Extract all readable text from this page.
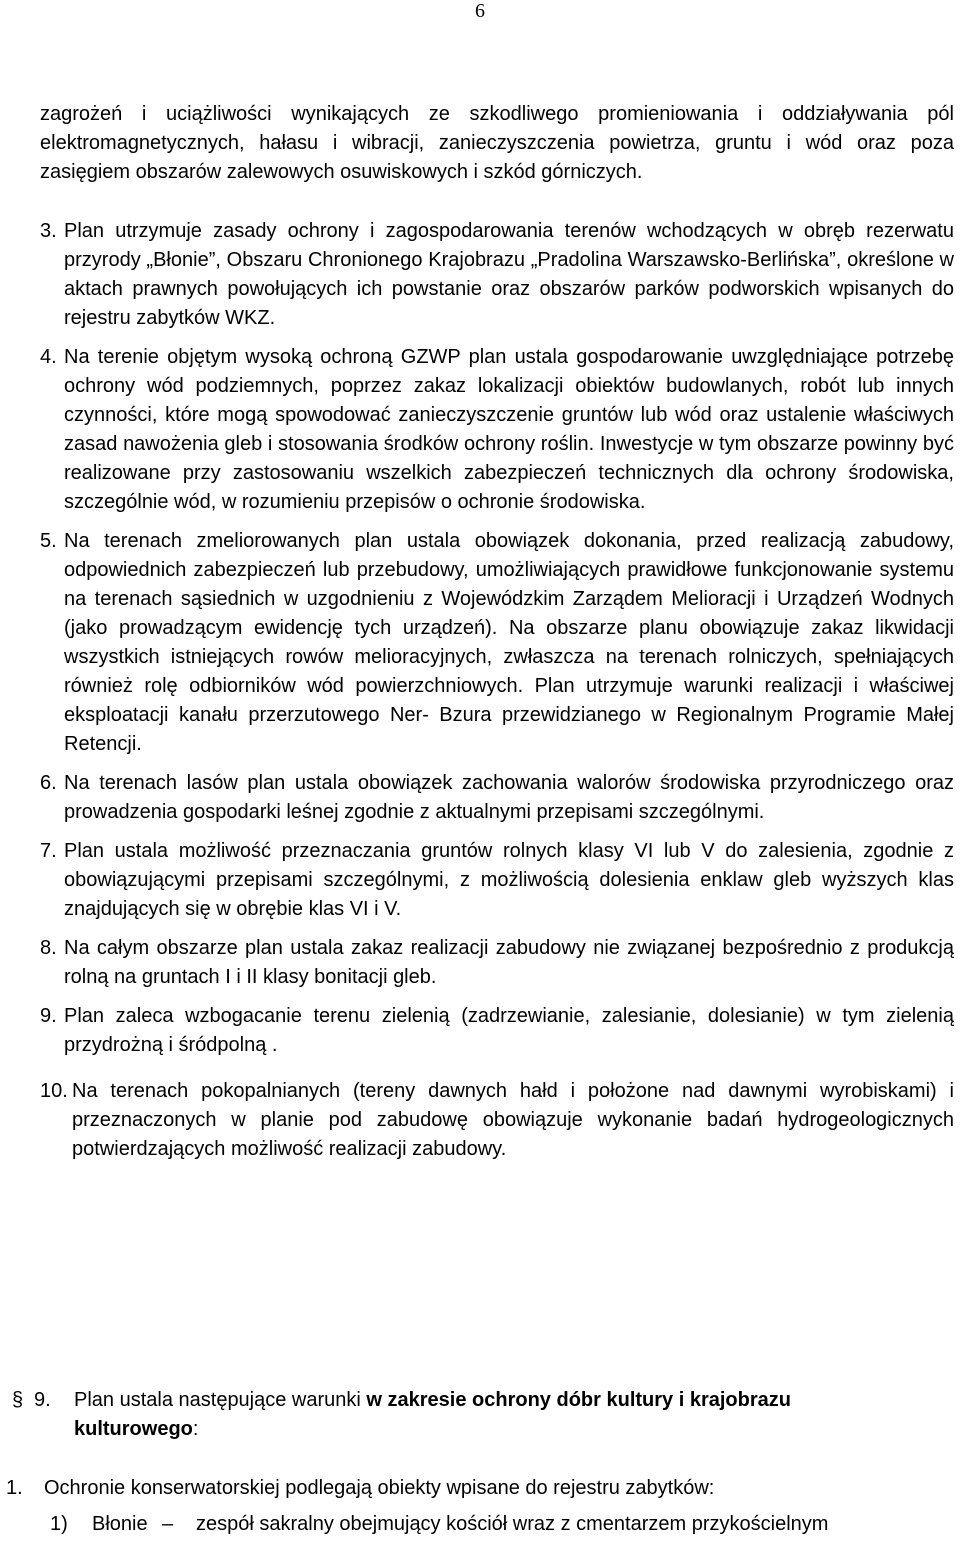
6
zagrożeń i uciążliwości wynikających ze szkodliwego promieniowania i oddziaływania pól elektromagnetycznych, hałasu i wibracji, zanieczyszczenia powietrza, gruntu i wód oraz poza zasięgiem obszarów zalewowych osuwiskowych i szkód górniczych.
3. Plan utrzymuje zasady ochrony i zagospodarowania terenów wchodzących w obręb rezerwatu przyrody „Błonie”, Obszaru Chronionego Krajobrazu „Pradolina Warszawsko-Berlińska”, określone w aktach prawnych powołujących ich powstanie oraz obszarów parków podworskich wpisanych do rejestru zabytków WKZ.
4. Na terenie objętym wysoką ochroną GZWP plan ustala gospodarowanie uwzględniające potrzebę ochrony wód podziemnych, poprzez zakaz lokalizacji obiektów budowlanych, robót lub innych czynności, które mogą spowodować zanieczyszczenie gruntów lub wód oraz ustalenie właściwych zasad nawożenia gleb i stosowania środków ochrony roślin. Inwestycje w tym obszarze powinny być realizowane przy zastosowaniu wszelkich zabezpieczeń technicznych dla ochrony środowiska, szczególnie wód, w rozumieniu przepisów o ochronie środowiska.
5. Na terenach zmeliorowanych plan ustala obowiązek dokonania, przed realizacją zabudowy, odpowiednich zabezpieczeń lub przebudowy, umożliwiających prawidłowe funkcjonowanie systemu na terenach sąsiednich w uzgodnieniu z Wojewódzkim Zarządem Melioracji i Urządzeń Wodnych (jako prowadzącym ewidencję tych urządzeń). Na obszarze planu obowiązuje zakaz likwidacji wszystkich istniejących rowów melioracyjnych, zwłaszcza na terenach rolniczych, spełniających również rolę odbiorników wód powierzchniowych. Plan utrzymuje warunki realizacji i właściwej eksploatacji kanału przerzutowego Ner- Bzura przewidzianego w Regionalnym Programie Małej Retencji.
6. Na terenach lasów plan ustala obowiązek zachowania walorów środowiska przyrodniczego oraz prowadzenia gospodarki leśnej zgodnie z aktualnymi przepisami szczególnymi.
7. Plan ustala możliwość przeznaczania gruntów rolnych klasy VI lub V do zalesienia, zgodnie z obowiązującymi przepisami szczególnymi, z możliwością dolesienia enklaw gleb wyższych klas znajdujących się w obrębie klas VI i V.
8. Na całym obszarze plan ustala zakaz realizacji zabudowy nie związanej bezpośrednio z produkcją rolną na gruntach I i II klasy bonitacji gleb.
9. Plan zaleca wzbogacanie terenu zielenią (zadrzewianie, zalesianie, dolesianie) w tym zielenią przydrożną i śródpolną .
10. Na terenach pokopalnianych (tereny dawnych hałd i położone nad dawnymi wyrobiskami) i przeznaczonych w planie pod zabudowę obowiązuje wykonanie badań hydrogeologicznych potwierdzających możliwość realizacji zabudowy.
§ 9.	Plan ustala następujące warunki w zakresie ochrony dóbr kultury i krajobrazu kulturowego:
1.	Ochronie konserwatorskiej podlegają obiekty wpisane do rejestru zabytków:
1)	Błonie –	zespół sakralny obejmujący kościół wraz z cmentarzem przykościelnym
